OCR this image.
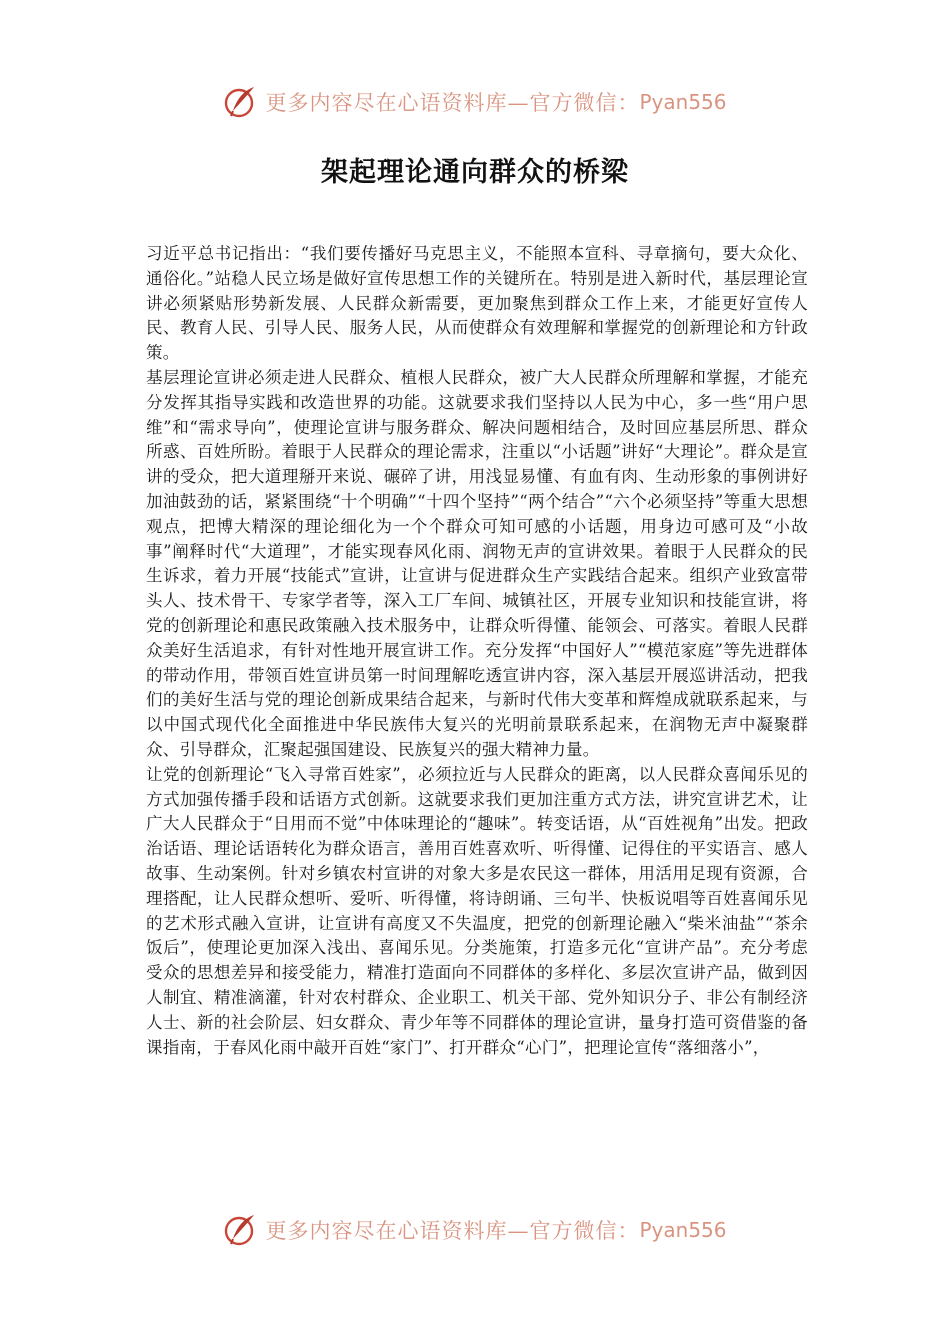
更多内容尽在心语资料库—官方微信： Pyan556
架起理论通向群众的桥梁

习近平总书记指出：“我们要传播好马克思主义，不能照本宣科、寻章摘句，要大众化、通俗化。”站稳人民立场是做好宣传思想工作的关键所在。特别是进入新时代，基层理论宣讲必须紧贴形势新发展、人民群众新需要，更加聚焦到群众工作上来，才能更好宣传人民、教育人民、引导人民、服务人民，从而使群众有效理解和掌握党的创新理论和方针政策。

基层理论宣讲必须走进人民群众、植根人民群众，被广大人民群众所理解和掌握，才能充分发挥其指导实践和改造世界的功能。这就要求我们坚持以人民为中心，多一些“用户思维”和“需求导向”，使理论宣讲与服务群众、解决问题相结合，及时回应基层所思、群众所惑、百姓所盼。着眼于人民群众的理论需求，注重以“小话题”讲好“大理论”。群众是宣讲的受众，把大道理掰开来说、碾碎了讲，用浅显易懂、有血有肉、生动形象的事例讲好加油鼓劲的话，紧紧围绕“十个明确”“十四个坚持”“两个结合”“六个必须坚持”等重大思想观点，把博大精深的理论细化为一个个群众可知可感的小话题，用身边可感可及“小故事”阐释时代“大道理”，才能实现春风化雨、润物无声的宣讲效果。着眼于人民群众的民生诉求，着力开展“技能式”宣讲，让宣讲与促进群众生产实践结合起来。组织产业致富带头人、技术骨干、专家学者等，深入工厂车间、城镇社区，开展专业知识和技能宣讲，将党的创新理论和惠民政策融入技术服务中，让群众听得懂、能领会、可落实。着眼人民群众美好生活追求，有针对性地开展宣讲工作。充分发挥“中国好人”“模范家庭”等先进群体的带动作用，带领百姓宣讲员第一时间理解吃透宣讲内容，深入基层开展巡讲活动，把我们的美好生活与党的理论创新成果结合起来，与新时代伟大变革和辉煌成就联系起来，与以中国式现代化全面推进中华民族伟大复兴的光明前景联系起来，在润物无声中凝聚群众、引导群众，汇聚起强国建设、民族复兴的强大精神力量。

让党的创新理论“飞入寻常百姓家”，必须拉近与人民群众的距离，以人民群众喜闻乐见的方式加强传播手段和话语方式创新。这就要求我们更加注重方式方法，讲究宣讲艺术，让广大人民群众于“日用而不觉”中体味理论的“趣味”。转变话语，从“百姓视角”出发。把政治话语、理论话语转化为群众语言，善用百姓喜欢听、听得懂、记得住的平实语言、感人故事、生动案例。针对乡镇农村宣讲的对象大多是农民这一群体，用活用足现有资源，合理搭配，让人民群众想听、爱听、听得懂，将诗朗诵、三句半、快板说唱等百姓喜闻乐见的艺术形式融入宣讲，让宣讲有高度又不失温度，把党的创新理论融入“柴米油盐”“茶余饭后”，使理论更加深入浅出、喜闻乐见。分类施策，打造多元化“宣讲产品”。充分考虑受众的思想差异和接受能力，精准打造面向不同群体的多样化、多层次宣讲产品，做到因人制宜、精准滴灌，针对农村群众、企业职工、机关干部、党外知识分子、非公有制经济人士、新的社会阶层、妇女群众、青少年等不同群体的理论宣讲，量身打造可资借鉴的备课指南，于春风化雨中敲开百姓“家门”、打开群众“心门”，把理论宣传“落细落小”，

更多内容尽在心语资料库—官方微信： Pyan556
